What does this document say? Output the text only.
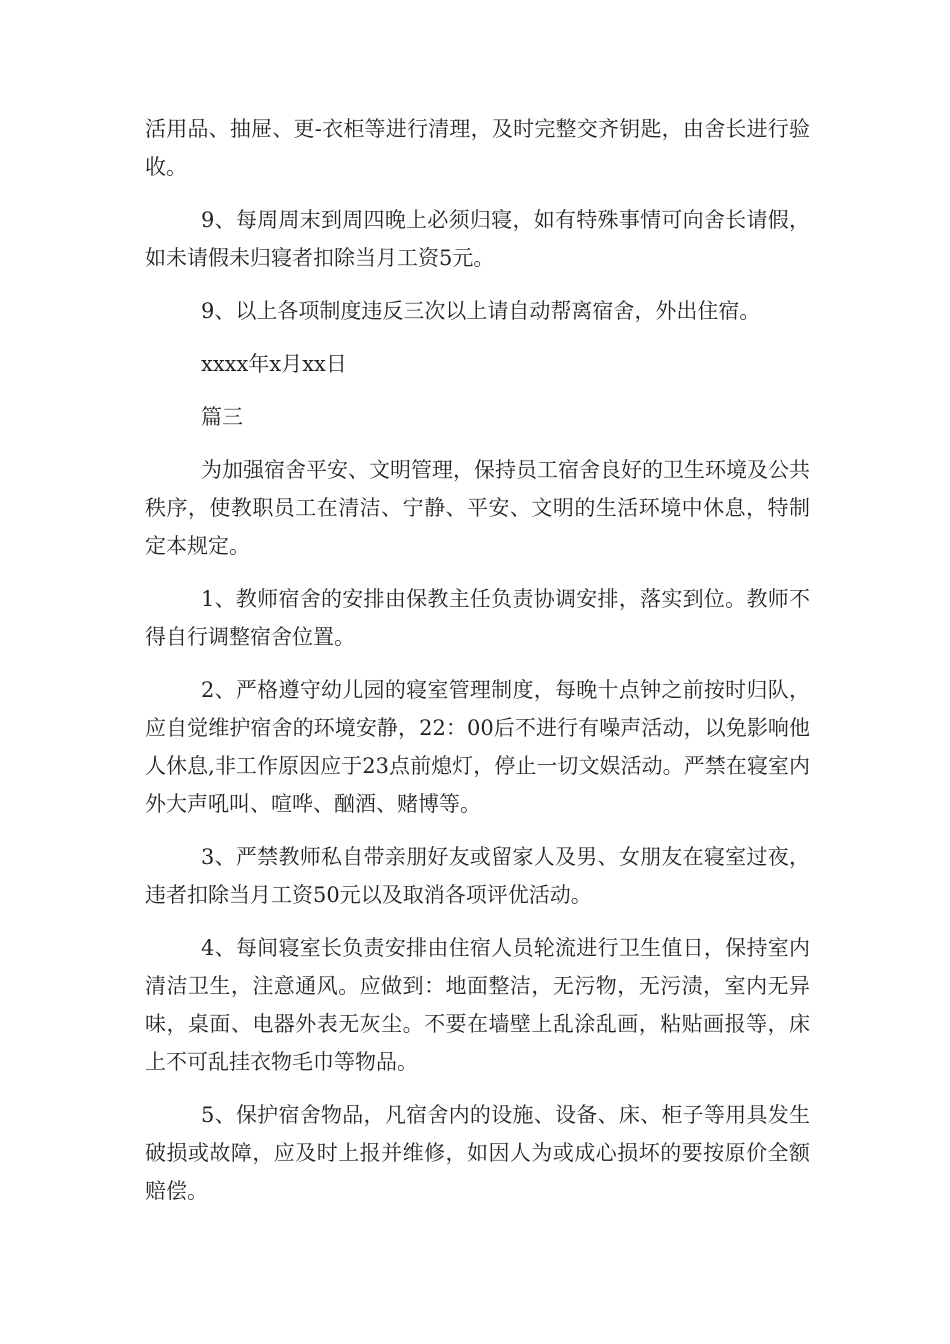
活用品、抽屉、更-衣柜等进行清理，及时完整交齐钥匙，由舍长进行验收。

9、每周周末到周四晚上必须归寝，如有特殊事情可向舍长请假，如未请假未归寝者扣除当月工资5元。

9、以上各项制度违反三次以上请自动帮离宿舍，外出住宿。

xxxx年x月xx日

篇三

为加强宿舍平安、文明管理，保持员工宿舍良好的卫生环境及公共秩序，使教职员工在清洁、宁静、平安、文明的生活环境中休息，特制定本规定。

1、教师宿舍的安排由保教主任负责协调安排，落实到位。教师不得自行调整宿舍位置。

2、严格遵守幼儿园的寝室管理制度，每晚十点钟之前按时归队，应自觉维护宿舍的环境安静，22：00后不进行有噪声活动，以免影响他人休息,非工作原因应于23点前熄灯，停止一切文娱活动。严禁在寝室内外大声吼叫、喧哗、酗酒、赌博等。

3、严禁教师私自带亲朋好友或留家人及男、女朋友在寝室过夜，违者扣除当月工资50元以及取消各项评优活动。

4、每间寝室长负责安排由住宿人员轮流进行卫生值日，保持室内清洁卫生，注意通风。应做到：地面整洁，无污物，无污渍，室内无异味，桌面、电器外表无灰尘。不要在墙壁上乱涂乱画，粘贴画报等，床上不可乱挂衣物毛巾等物品。

5、保护宿舍物品，凡宿舍内的设施、设备、床、柜子等用具发生破损或故障，应及时上报并维修，如因人为或成心损坏的要按原价全额赔偿。
